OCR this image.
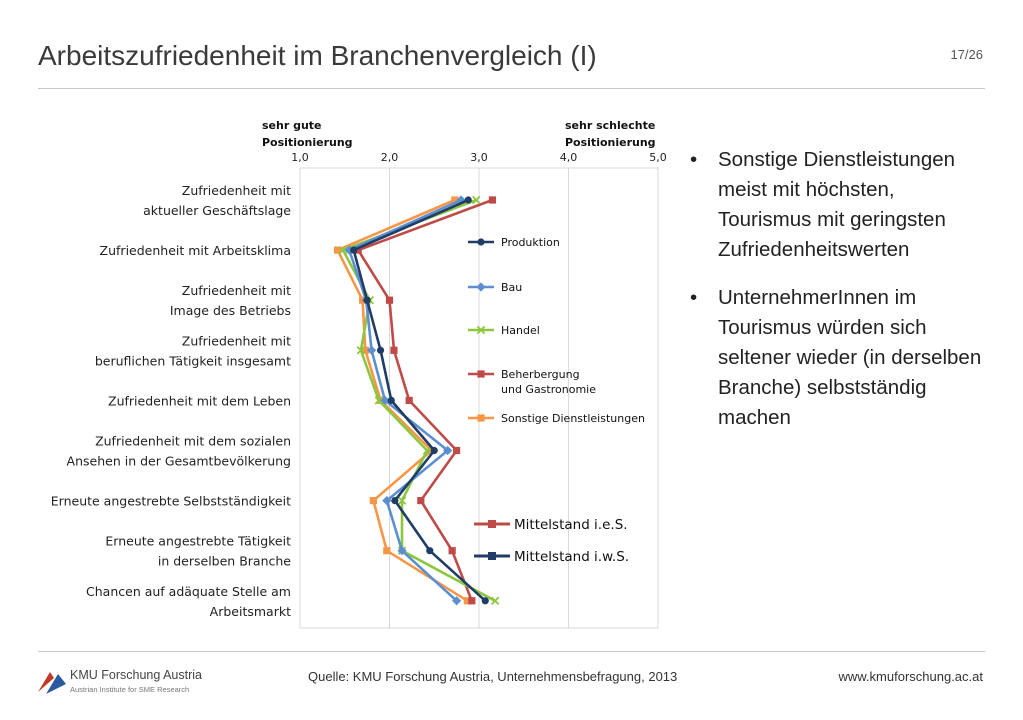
Arbeitszufriedenheit im Branchenvergleich (I)	17/26
1,0	2,0	3,0	4,0	5,0
sehr gute
Positionierung
sehr schlechte
Positionierung
Zufriedenheit mit
aktueller Geschäftslage
Zufriedenheit mit Arbeitsklima
Zufriedenheit mit
Image des Betriebs
Zufriedenheit mit
beruflichen Tätigkeit insgesamt
Zufriedenheit mit dem Leben
Zufriedenheit mit dem sozialen
Ansehen in der Gesamtbevölkerung
Erneute angestrebte Selbstständigkeit
Erneute angestrebte Tätigkeit
in derselben Branche
Chancen auf adäquate Stelle am
Arbeitsmarkt
Produktion
Bau
Handel
Beherbergung
und Gastronomie
Sonstige Dienstleistungen
Mittelstand i.e.S.
Mittelstand i.w.S.
• Sonstige Dienstleistungen meist mit höchsten, Tourismus mit geringsten Zufriedenheitswerten
• UnternehmerInnen im Tourismus würden sich seltener wieder (in derselben Branche) selbstständig machen
KMU Forschung Austria
Austrian Institute for SME Research
Quelle: KMU Forschung Austria, Unternehmensbefragung, 2013	www.kmuforschung.ac.at
